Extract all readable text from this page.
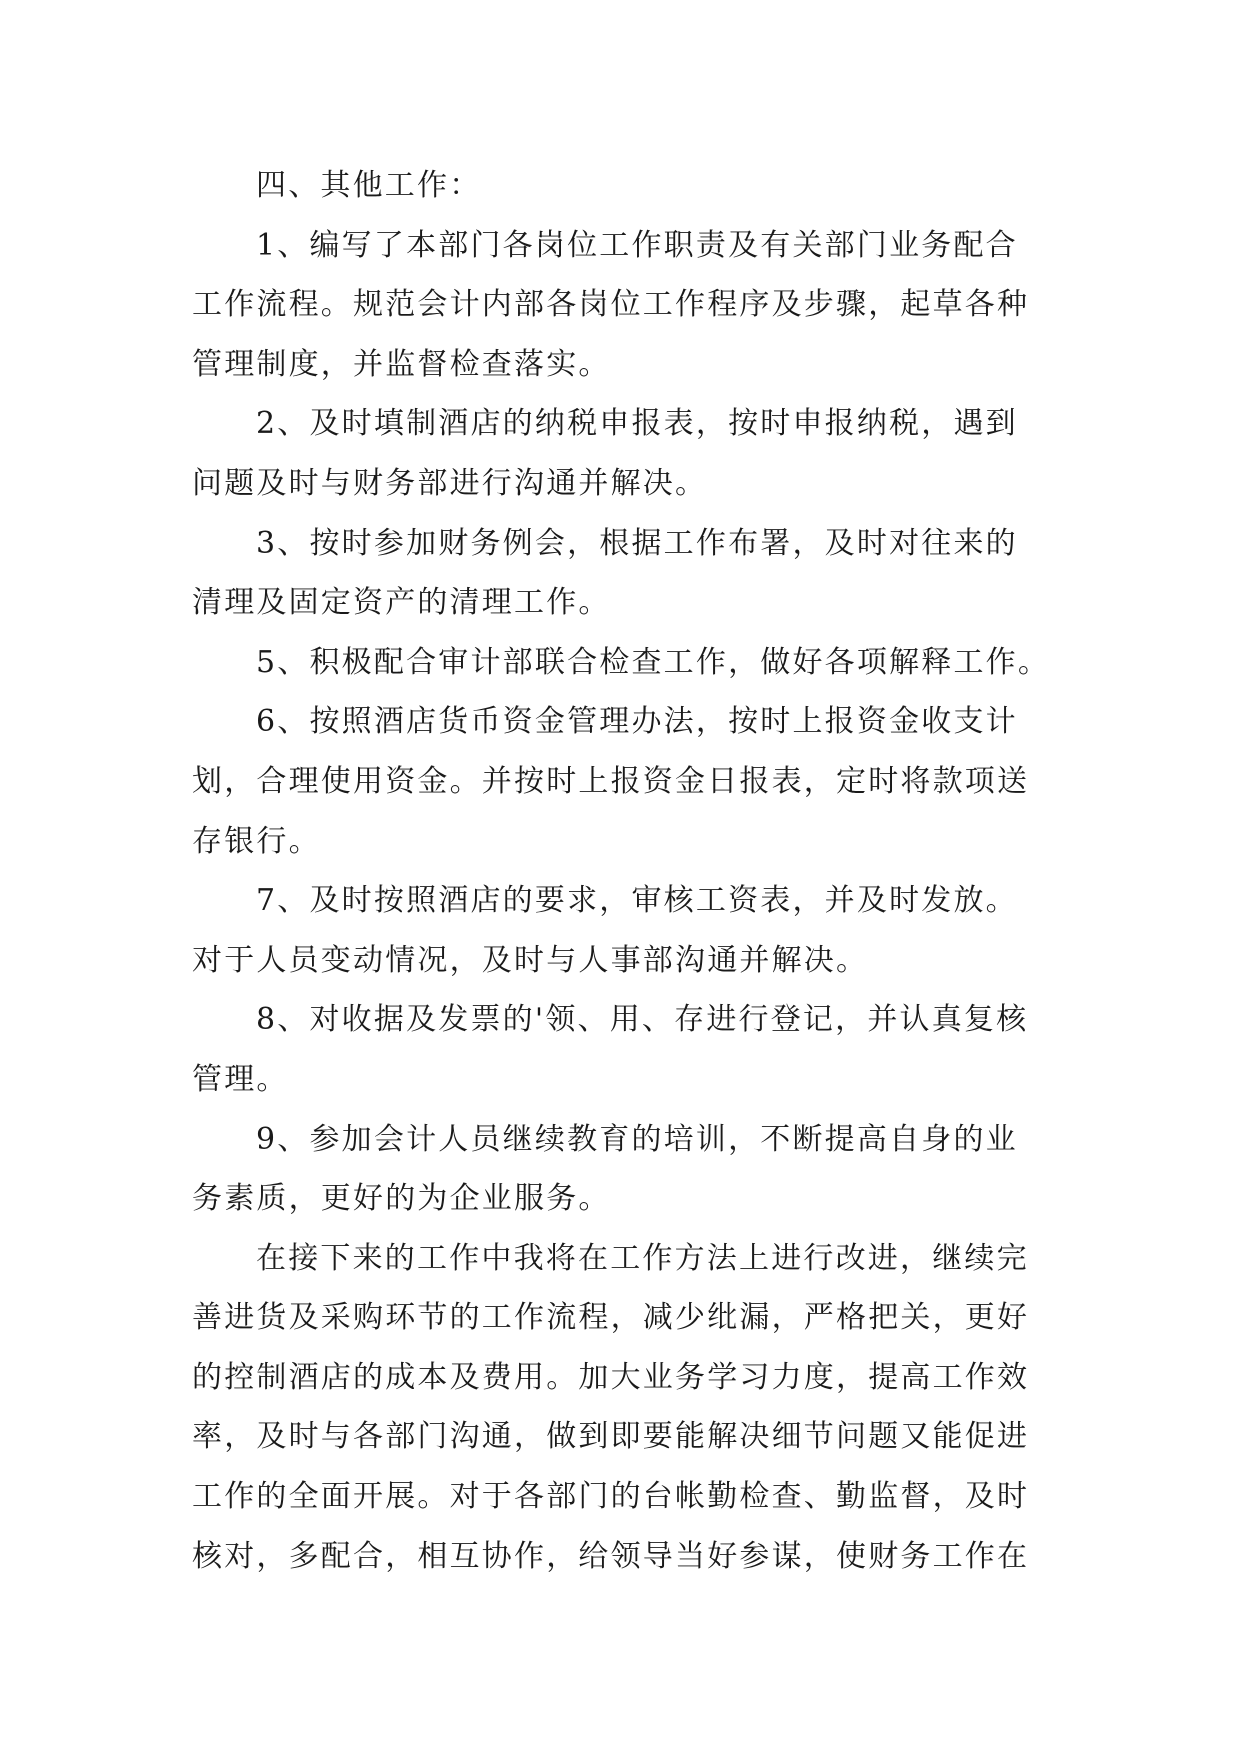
四、其他工作：
1、编写了本部门各岗位工作职责及有关部门业务配合
工作流程。规范会计内部各岗位工作程序及步骤，起草各种
管理制度，并监督检查落实。
2、及时填制酒店的纳税申报表，按时申报纳税，遇到
问题及时与财务部进行沟通并解决。
3、按时参加财务例会，根据工作布署，及时对往来的
清理及固定资产的清理工作。
5、积极配合审计部联合检查工作，做好各项解释工作。
6、按照酒店货币资金管理办法，按时上报资金收支计
划，合理使用资金。并按时上报资金日报表，定时将款项送
存银行。
7、及时按照酒店的要求，审核工资表，并及时发放。
对于人员变动情况，及时与人事部沟通并解决。
8、对收据及发票的'领、用、存进行登记，并认真复核
管理。
9、参加会计人员继续教育的培训，不断提高自身的业
务素质，更好的为企业服务。
在接下来的工作中我将在工作方法上进行改进，继续完
善进货及采购环节的工作流程，减少纰漏，严格把关，更好
的控制酒店的成本及费用。加大业务学习力度，提高工作效
率，及时与各部门沟通，做到即要能解决细节问题又能促进
工作的全面开展。对于各部门的台帐勤检查、勤监督，及时
核对，多配合，相互协作，给领导当好参谋，使财务工作在
